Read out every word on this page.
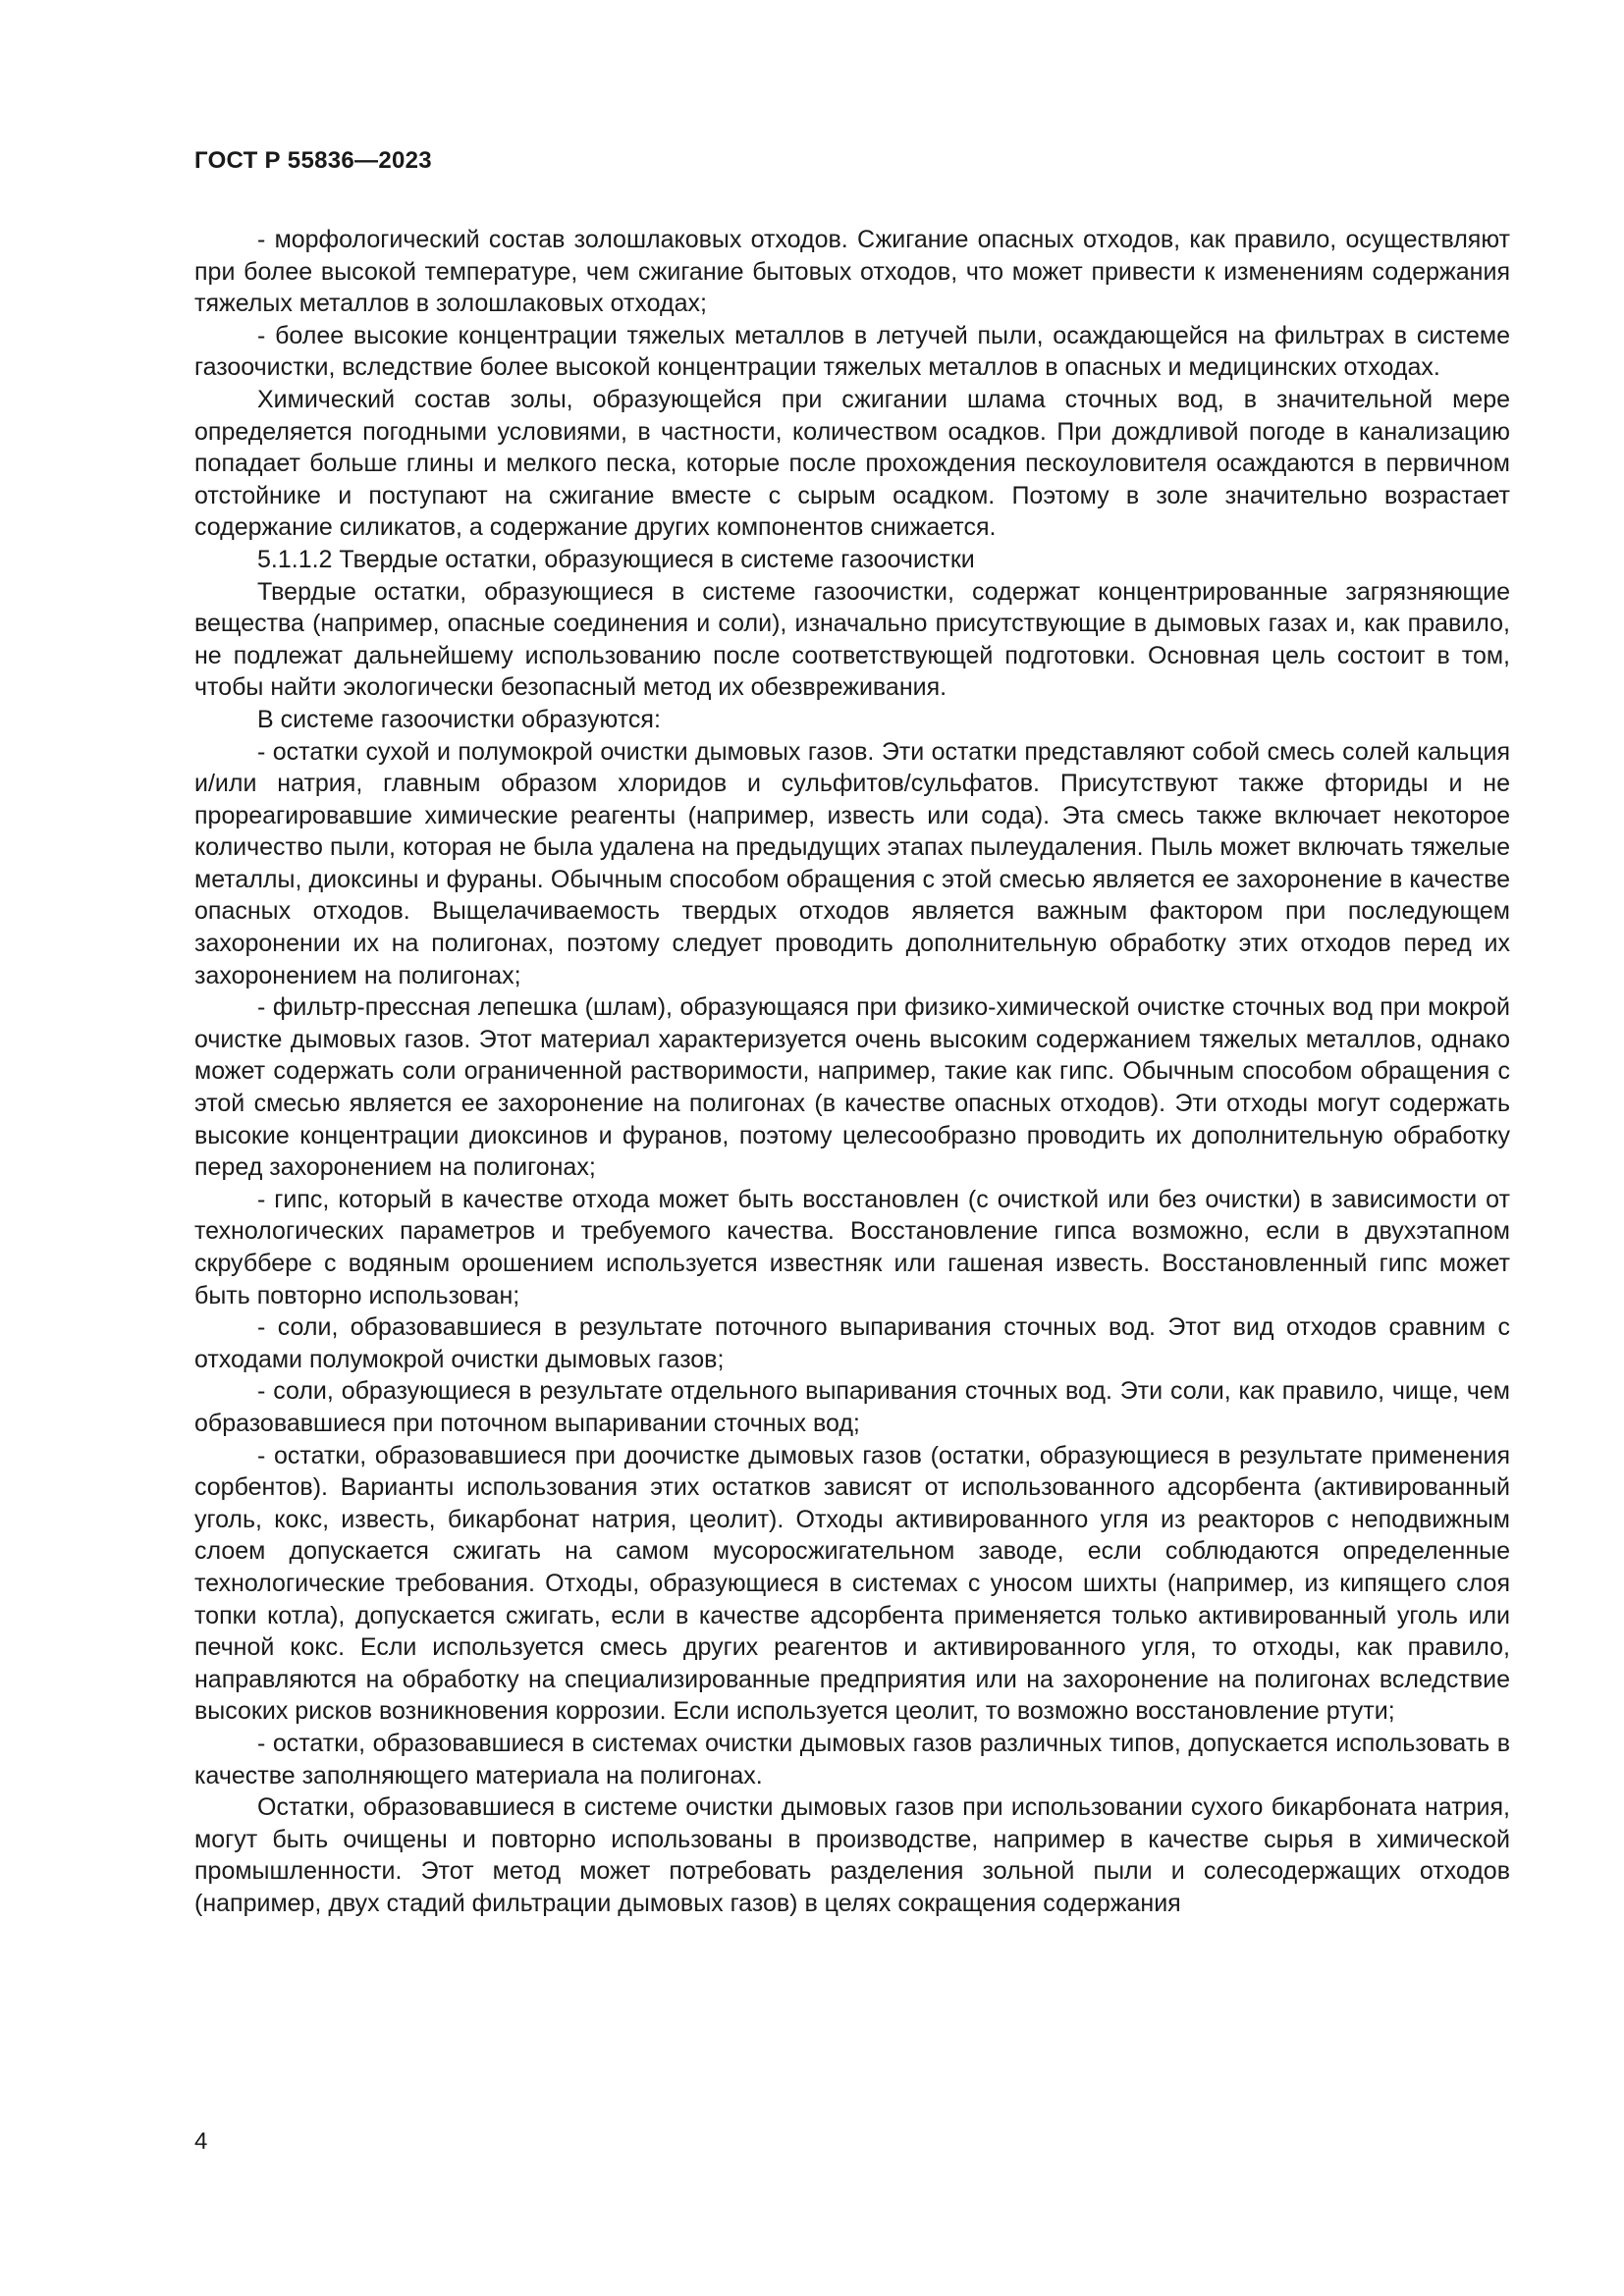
ГОСТ Р 55836—2023

- морфологический состав золошлаковых отходов. Сжигание опасных отходов, как правило, осуществляют при более высокой температуре, чем сжигание бытовых отходов, что может привести к изменениям содержания тяжелых металлов в золошлаковых отходах;

- более высокие концентрации тяжелых металлов в летучей пыли, осаждающейся на фильтрах в системе газоочистки, вследствие более высокой концентрации тяжелых металлов в опасных и медицинских отходах.

Химический состав золы, образующейся при сжигании шлама сточных вод, в значительной мере определяется погодными условиями, в частности, количеством осадков. При дождливой погоде в канализацию попадает больше глины и мелкого песка, которые после прохождения пескоуловителя осаждаются в первичном отстойнике и поступают на сжигание вместе с сырым осадком. Поэтому в золе значительно возрастает содержание силикатов, а содержание других компонентов снижается.

5.1.1.2 Твердые остатки, образующиеся в системе газоочистки

Твердые остатки, образующиеся в системе газоочистки, содержат концентрированные загрязняющие вещества (например, опасные соединения и соли), изначально присутствующие в дымовых газах и, как правило, не подлежат дальнейшему использованию после соответствующей подготовки. Основная цель состоит в том, чтобы найти экологически безопасный метод их обезвреживания.

В системе газоочистки образуются:

- остатки сухой и полумокрой очистки дымовых газов. Эти остатки представляют собой смесь солей кальция и/или натрия, главным образом хлоридов и сульфитов/сульфатов. Присутствуют также фториды и не прореагировавшие химические реагенты (например, известь или сода). Эта смесь также включает некоторое количество пыли, которая не была удалена на предыдущих этапах пылеудаления. Пыль может включать тяжелые металлы, диоксины и фураны. Обычным способом обращения с этой смесью является ее захоронение в качестве опасных отходов. Выщелачиваемость твердых отходов является важным фактором при последующем захоронении их на полигонах, поэтому следует проводить дополнительную обработку этих отходов перед их захоронением на полигонах;

- фильтр-прессная лепешка (шлам), образующаяся при физико-химической очистке сточных вод при мокрой очистке дымовых газов. Этот материал характеризуется очень высоким содержанием тяжелых металлов, однако может содержать соли ограниченной растворимости, например, такие как гипс. Обычным способом обращения с этой смесью является ее захоронение на полигонах (в качестве опасных отходов). Эти отходы могут содержать высокие концентрации диоксинов и фуранов, поэтому целесообразно проводить их дополнительную обработку перед захоронением на полигонах;

- гипс, который в качестве отхода может быть восстановлен (с очисткой или без очистки) в зависимости от технологических параметров и требуемого качества. Восстановление гипса возможно, если в двухэтапном скруббере с водяным орошением используется известняк или гашеная известь. Восстановленный гипс может быть повторно использован;

- соли, образовавшиеся в результате поточного выпаривания сточных вод. Этот вид отходов сравним с отходами полумокрой очистки дымовых газов;

- соли, образующиеся в результате отдельного выпаривания сточных вод. Эти соли, как правило, чище, чем образовавшиеся при поточном выпаривании сточных вод;

- остатки, образовавшиеся при доочистке дымовых газов (остатки, образующиеся в результате применения сорбентов). Варианты использования этих остатков зависят от использованного адсорбента (активированный уголь, кокс, известь, бикарбонат натрия, цеолит). Отходы активированного угля из реакторов с неподвижным слоем допускается сжигать на самом мусоросжигательном заводе, если соблюдаются определенные технологические требования. Отходы, образующиеся в системах с уносом шихты (например, из кипящего слоя топки котла), допускается сжигать, если в качестве адсорбента применяется только активированный уголь или печной кокс. Если используется смесь других реагентов и активированного угля, то отходы, как правило, направляются на обработку на специализированные предприятия или на захоронение на полигонах вследствие высоких рисков возникновения коррозии. Если используется цеолит, то возможно восстановление ртути;

- остатки, образовавшиеся в системах очистки дымовых газов различных типов, допускается использовать в качестве заполняющего материала на полигонах.

Остатки, образовавшиеся в системе очистки дымовых газов при использовании сухого бикарбоната натрия, могут быть очищены и повторно использованы в производстве, например в качестве сырья в химической промышленности. Этот метод может потребовать разделения зольной пыли и солесодержащих отходов (например, двух стадий фильтрации дымовых газов) в целях сокращения содержания

4
